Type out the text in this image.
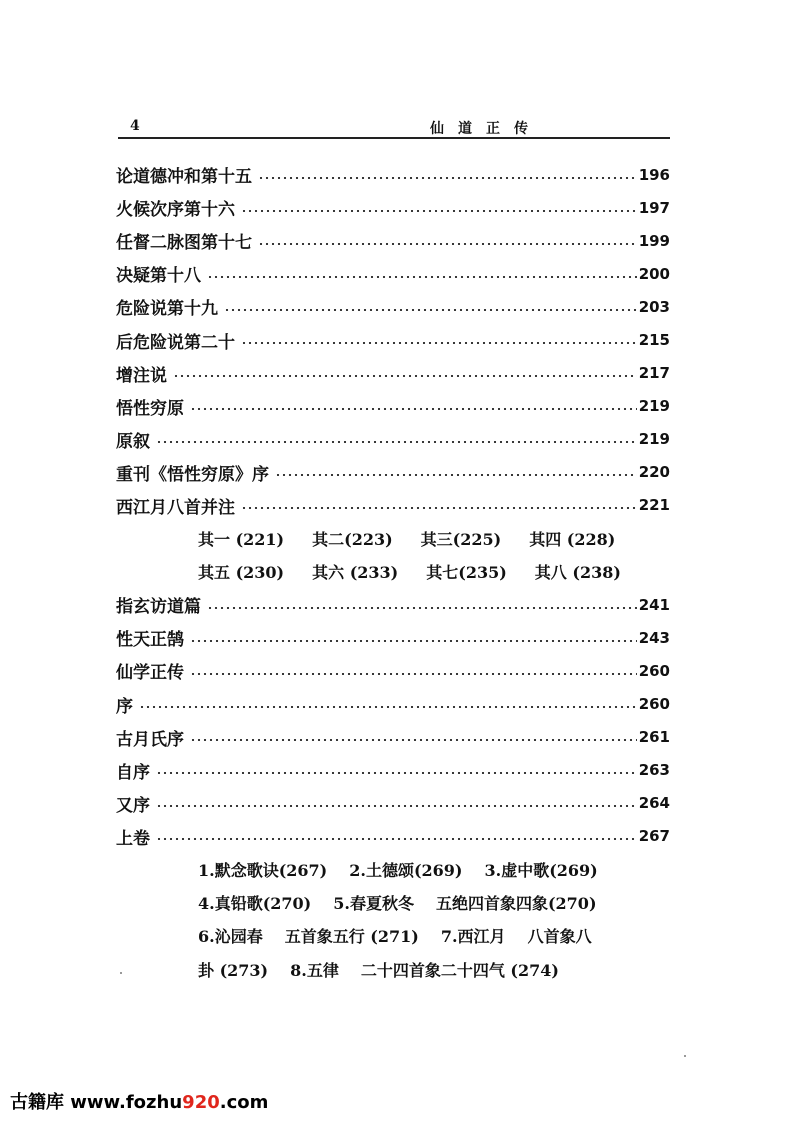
4	仙道正传
论道德冲和第十五	196
火候次序第十六	197
任督二脉图第十七	199
决疑第十八	200
危险说第十九	203
后危险说第二十	215
增注说	217
悟性穷原	219
原叙	219
重刊《悟性穷原》序	220
西江月八首并注	221
其一 (221) 其二(223) 其三(225) 其四 (228)
其五 (230) 其六 (233) 其七(235) 其八 (238)
指玄访道篇	241
性天正鹄	243
仙学正传	260
序	260
古月氏序	261
自序	263
又序	264
上卷	267
1.默念歌诀(267) 2.土德颂(269) 3.虚中歌(269)
4.真铅歌(270) 5.春夏秋冬 五绝四首象四象(270)
6.沁园春 五首象五行 (271) 7.西江月 八首象八
卦 (273) 8.五律 二十四首象二十四气 (274)
古籍库 www.fozhu920.com
